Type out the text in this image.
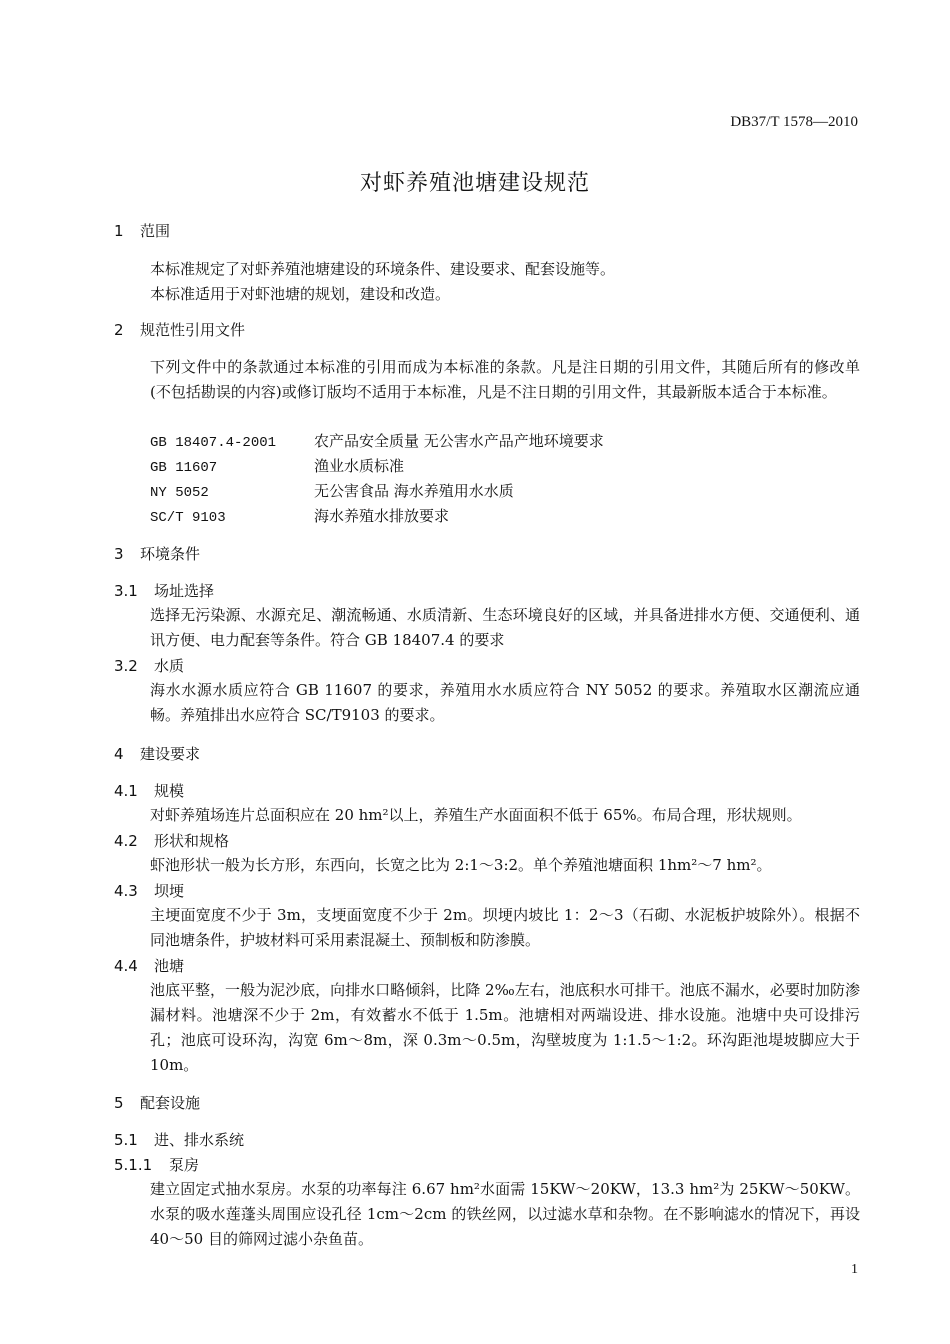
DB37/T 1578—2010
对虾养殖池塘建设规范
1 范围
本标准规定了对虾养殖池塘建设的环境条件、建设要求、配套设施等。
本标准适用于对虾池塘的规划，建设和改造。
2 规范性引用文件
下列文件中的条款通过本标准的引用而成为本标准的条款。凡是注日期的引用文件，其随后所有的修改单(不包括勘误的内容)或修订版均不适用于本标准，凡是不注日期的引用文件，其最新版本适合于本标准。
GB 18407.4-2001	农产品安全质量 无公害水产品产地环境要求
GB 11607	渔业水质标准
NY 5052	无公害食品 海水养殖用水水质
SC/T 9103	海水养殖水排放要求
3 环境条件
3.1 场址选择
选择无污染源、水源充足、潮流畅通、水质清新、生态环境良好的区域，并具备进排水方便、交通便利、通讯方便、电力配套等条件。符合 GB 18407.4 的要求
3.2 水质
海水水源水质应符合 GB 11607 的要求，养殖用水水质应符合 NY 5052 的要求。养殖取水区潮流应通畅。养殖排出水应符合 SC/T9103 的要求。
4 建设要求
4.1 规模
对虾养殖场连片总面积应在 20 hm²以上，养殖生产水面面积不低于 65%。布局合理，形状规则。
4.2 形状和规格
虾池形状一般为长方形，东西向，长宽之比为 2:1～3:2。单个养殖池塘面积 1hm²～7 hm²。
4.3 坝埂
主埂面宽度不少于 3m，支埂面宽度不少于 2m。坝埂内坡比 1：2～3（石砌、水泥板护坡除外）。根据不同池塘条件，护坡材料可采用素混凝土、预制板和防渗膜。
4.4 池塘
池底平整，一般为泥沙底，向排水口略倾斜，比降 2‰左右，池底积水可排干。池底不漏水，必要时加防渗漏材料。池塘深不少于 2m，有效蓄水不低于 1.5m。池塘相对两端设进、排水设施。池塘中央可设排污孔；池底可设环沟，沟宽 6m～8m，深 0.3m～0.5m，沟壁坡度为 1:1.5～1:2。环沟距池堤坡脚应大于 10m。
5 配套设施
5.1 进、排水系统
5.1.1 泵房
建立固定式抽水泵房。水泵的功率每注 6.67 hm²水面需 15KW～20KW，13.3 hm²为 25KW～50KW。水泵的吸水莲蓬头周围应设孔径 1cm～2cm 的铁丝网，以过滤水草和杂物。在不影响滤水的情况下，再设 40～50 目的筛网过滤小杂鱼苗。
1
